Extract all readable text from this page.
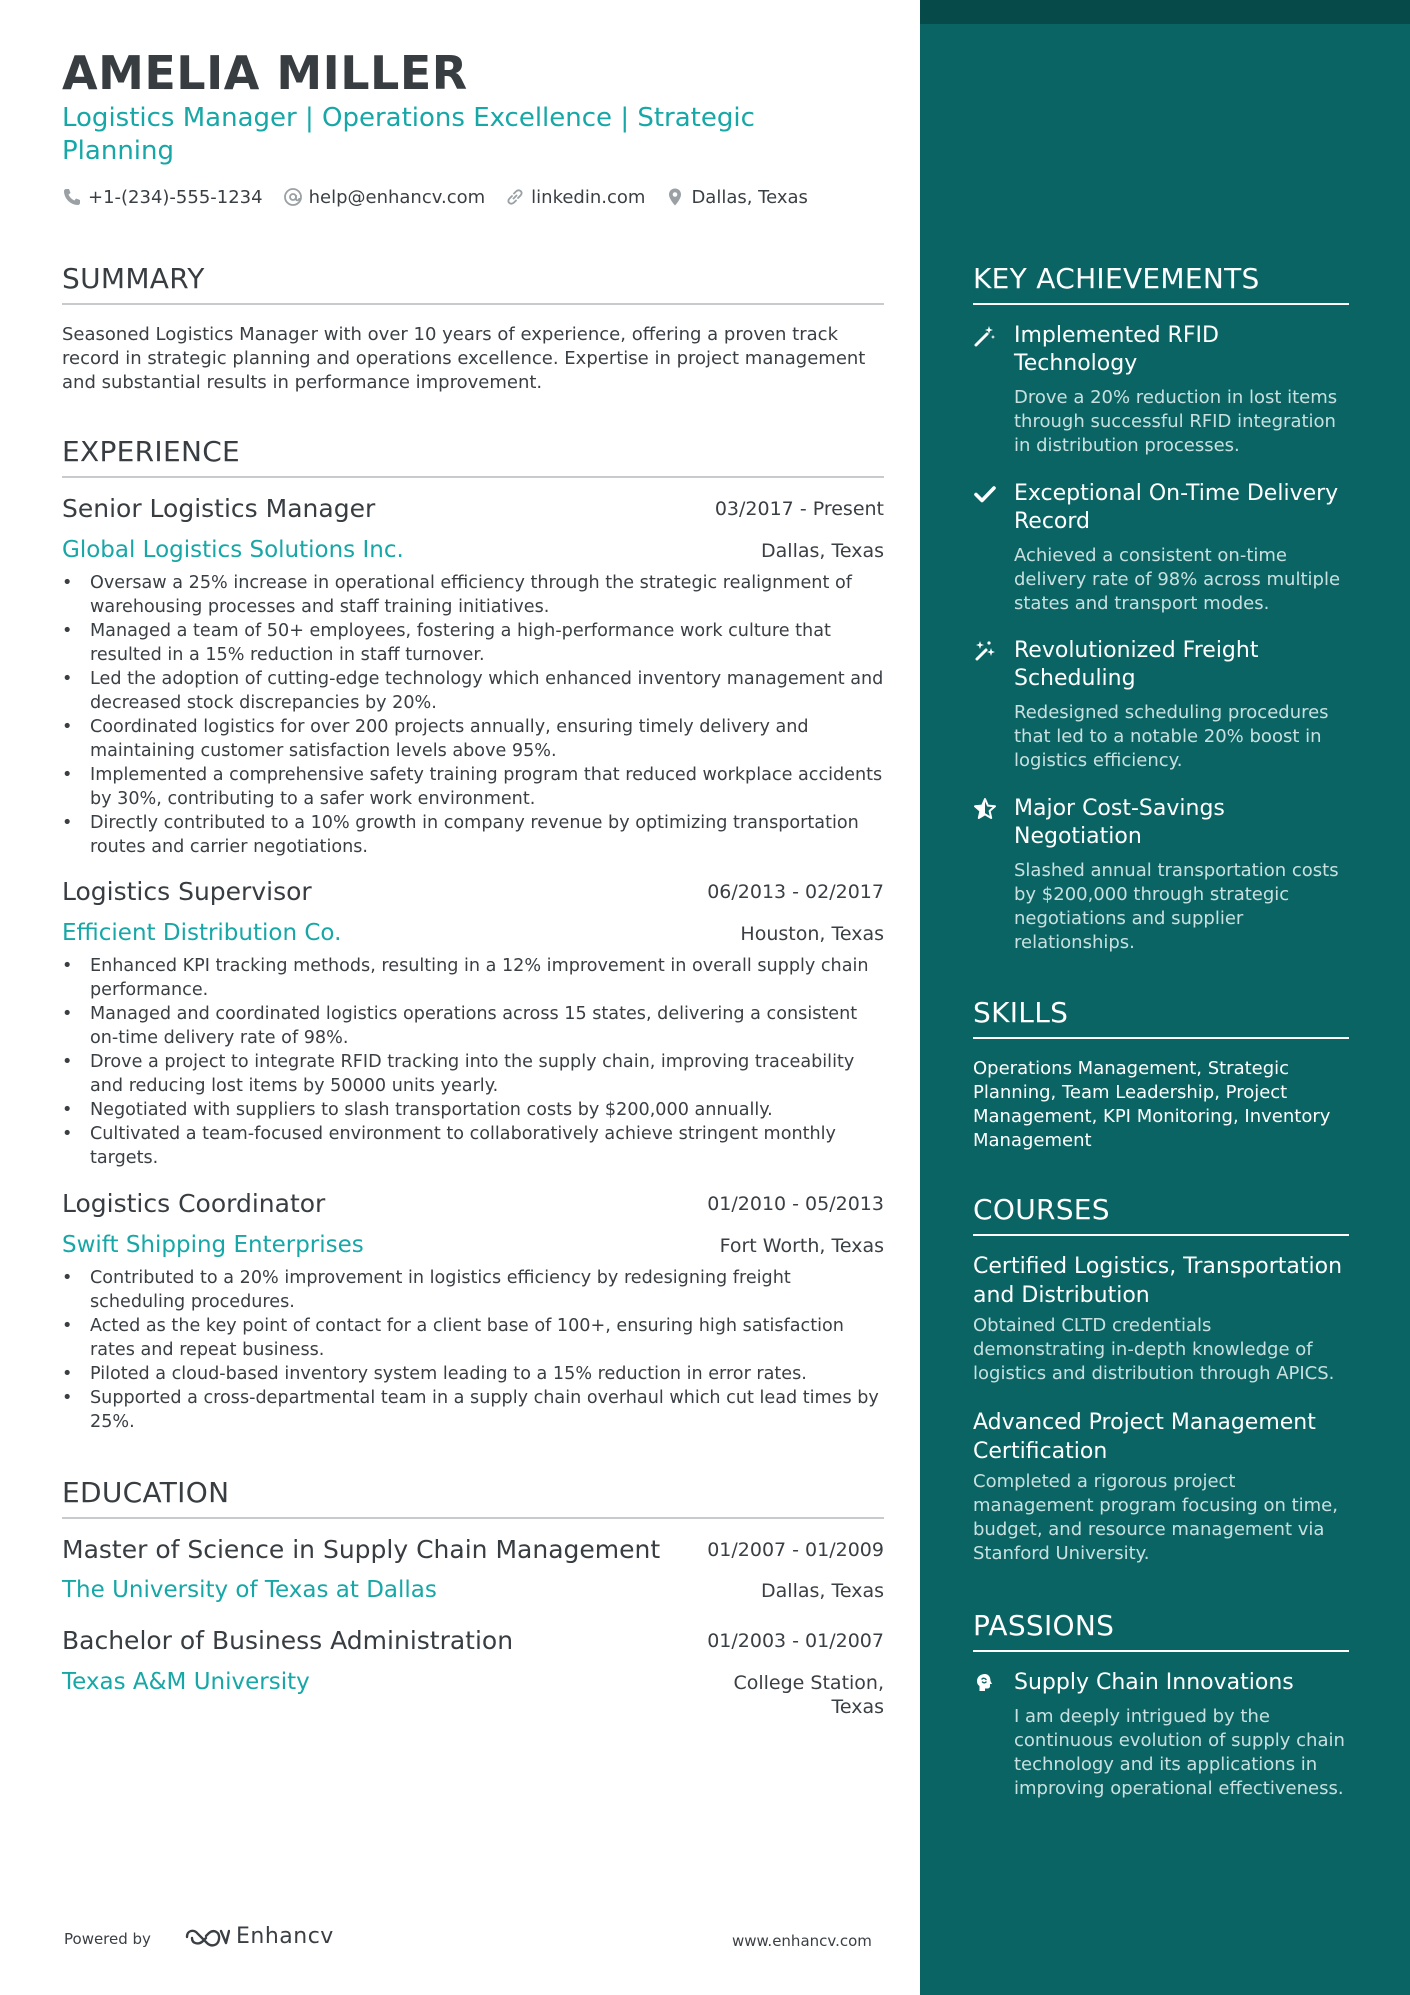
AMELIA MILLER
Logistics Manager | Operations Excellence | Strategic Planning
+1-(234)-555-1234	help@enhancv.com	linkedin.com	Dallas, Texas
SUMMARY
Seasoned Logistics Manager with over 10 years of experience, offering a proven track record in strategic planning and operations excellence. Expertise in project management and substantial results in performance improvement.
EXPERIENCE
Senior Logistics Manager	03/2017 - Present
Global Logistics Solutions Inc.	Dallas, Texas
• Oversaw a 25% increase in operational efficiency through the strategic realignment of warehousing processes and staff training initiatives.
• Managed a team of 50+ employees, fostering a high-performance work culture that resulted in a 15% reduction in staff turnover.
• Led the adoption of cutting-edge technology which enhanced inventory management and decreased stock discrepancies by 20%.
• Coordinated logistics for over 200 projects annually, ensuring timely delivery and maintaining customer satisfaction levels above 95%.
• Implemented a comprehensive safety training program that reduced workplace accidents by 30%, contributing to a safer work environment.
• Directly contributed to a 10% growth in company revenue by optimizing transportation routes and carrier negotiations.
Logistics Supervisor	06/2013 - 02/2017
Efficient Distribution Co.	Houston, Texas
• Enhanced KPI tracking methods, resulting in a 12% improvement in overall supply chain performance.
• Managed and coordinated logistics operations across 15 states, delivering a consistent on-time delivery rate of 98%.
• Drove a project to integrate RFID tracking into the supply chain, improving traceability and reducing lost items by 50000 units yearly.
• Negotiated with suppliers to slash transportation costs by $200,000 annually.
• Cultivated a team-focused environment to collaboratively achieve stringent monthly targets.
Logistics Coordinator	01/2010 - 05/2013
Swift Shipping Enterprises	Fort Worth, Texas
• Contributed to a 20% improvement in logistics efficiency by redesigning freight scheduling procedures.
• Acted as the key point of contact for a client base of 100+, ensuring high satisfaction rates and repeat business.
• Piloted a cloud-based inventory system leading to a 15% reduction in error rates.
• Supported a cross-departmental team in a supply chain overhaul which cut lead times by 25%.
EDUCATION
Master of Science in Supply Chain Management 01/2007 - 01/2009
The University of Texas at Dallas	Dallas, Texas
Bachelor of Business Administration	01/2003 - 01/2007
Texas A&M University	College Station, Texas
Powered by	Enhancv	www.enhancv.com
KEY ACHIEVEMENTS
Implemented RFID Technology
Drove a 20% reduction in lost items through successful RFID integration in distribution processes.
Exceptional On-Time Delivery Record
Achieved a consistent on-time delivery rate of 98% across multiple states and transport modes.
Revolutionized Freight Scheduling
Redesigned scheduling procedures that led to a notable 20% boost in logistics efficiency.
Major Cost-Savings Negotiation
Slashed annual transportation costs by $200,000 through strategic negotiations and supplier relationships.
SKILLS
Operations Management, Strategic Planning, Team Leadership, Project Management, KPI Monitoring, Inventory Management
COURSES
Certified Logistics, Transportation and Distribution
Obtained CLTD credentials demonstrating in-depth knowledge of logistics and distribution through APICS.
Advanced Project Management Certification
Completed a rigorous project management program focusing on time, budget, and resource management via Stanford University.
PASSIONS
Supply Chain Innovations
I am deeply intrigued by the continuous evolution of supply chain technology and its applications in improving operational effectiveness.
